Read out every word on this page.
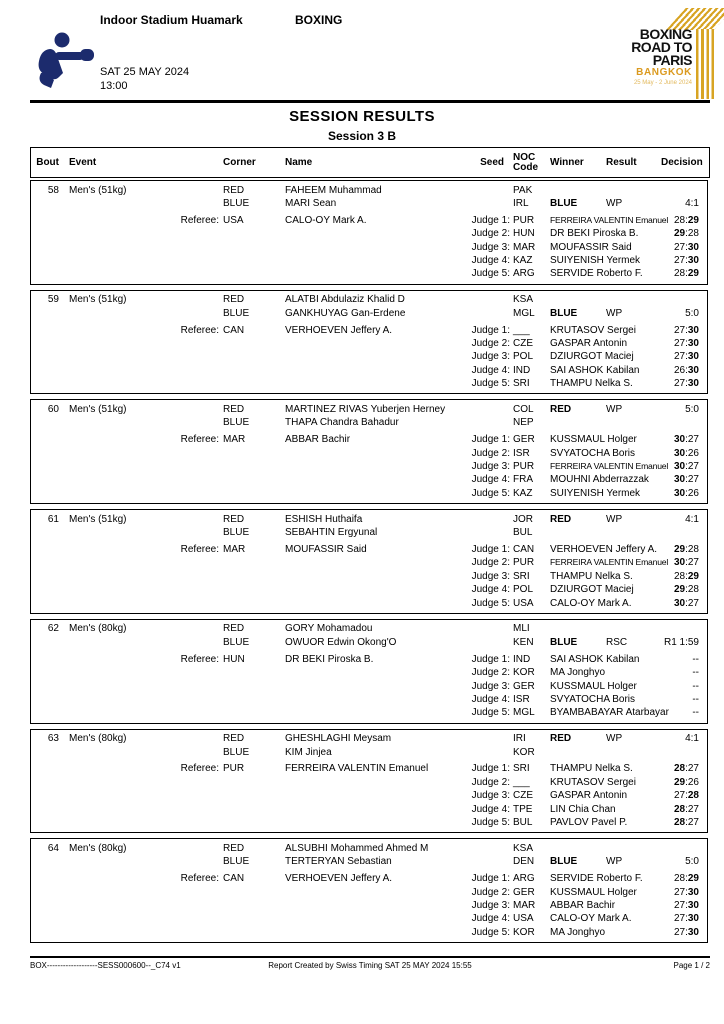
Indoor Stadium Huamark	BOXING
SAT 25 MAY 2024
13:00
BOXING
ROAD TO
PARIS
BANGKOK
25 May - 2 June 2024
SESSION RESULTS
Session 3 B
Bout	Event	Corner	Name	Seed NOC
Code	Winner	Result Decision
58	Men's (51kg)	RED	FAHEEM Muhammad	PAK
BLUE	MARI Sean	IRL	BLUE	WP	4:1
Referee: USA	CALO-OY Mark A.	Judge 1: PUR	FERREIRA VALENTIN Emanuel 28:29
Judge 2: HUN	DR BEKI Piroska B.	29:28
Judge 3: MAR	MOUFASSIR Said	27:30
Judge 4: KAZ	SUIYENISH Yermek	27:30
Judge 5: ARG	SERVIDE Roberto F.	28:29
59	Men's (51kg)	RED	ALATBI Abdulaziz Khalid D	KSA
BLUE	GANKHUYAG Gan-Erdene	MGL	BLUE	WP	5:0
Referee: CAN	VERHOEVEN Jeffery A.	Judge 1: ___	KRUTASOV Sergei	27:30
Judge 2: CZE	GASPAR Antonin	27:30
Judge 3: POL	DZIURGOT Maciej	27:30
Judge 4: IND	SAI ASHOK Kabilan	26:30
Judge 5: SRI	THAMPU Nelka S.	27:30
60	Men's (51kg)	RED	MARTINEZ RIVAS Yuberjen Herney	COL	RED	WP	5:0
BLUE	THAPA Chandra Bahadur	NEP
Referee: MAR	ABBAR Bachir	Judge 1: GER	KUSSMAUL Holger	30:27
Judge 2: ISR	SVYATOCHA Boris	30:26
Judge 3: PUR	FERREIRA VALENTIN Emanuel 30:27
Judge 4: FRA	MOUHNI Abderrazzak	30:27
Judge 5: KAZ	SUIYENISH Yermek	30:26
61	Men's (51kg)	RED	ESHISH Huthaifa	JOR	RED	WP	4:1
BLUE	SEBAHTIN Ergyunal	BUL
Referee: MAR	MOUFASSIR Said	Judge 1: CAN	VERHOEVEN Jeffery A.	29:28
Judge 2: PUR	FERREIRA VALENTIN Emanuel 30:27
Judge 3: SRI	THAMPU Nelka S.	28:29
Judge 4: POL	DZIURGOT Maciej	29:28
Judge 5: USA	CALO-OY Mark A.	30:27
62	Men's (80kg)	RED	GORY Mohamadou	MLI
BLUE	OWUOR Edwin Okong'O	KEN	BLUE	RSC	R1 1:59
Referee: HUN	DR BEKI Piroska B.	Judge 1: IND	SAI ASHOK Kabilan	--
Judge 2: KOR	MA Jonghyo	--
Judge 3: GER	KUSSMAUL Holger	--
Judge 4: ISR	SVYATOCHA Boris	--
Judge 5: MGL	BYAMBABAYAR Atarbayar	--
63	Men's (80kg)	RED	GHESHLAGHI Meysam	IRI	RED	WP	4:1
BLUE	KIM Jinjea	KOR
Referee: PUR	FERREIRA VALENTIN Emanuel	Judge 1: SRI	THAMPU Nelka S.	28:27
Judge 2: ___	KRUTASOV Sergei	29:26
Judge 3: CZE	GASPAR Antonin	27:28
Judge 4: TPE	LIN Chia Chan	28:27
Judge 5: BUL	PAVLOV Pavel P.	28:27
64	Men's (80kg)	RED	ALSUBHI Mohammed Ahmed M	KSA
BLUE	TERTERYAN Sebastian	DEN	BLUE	WP	5:0
Referee: CAN	VERHOEVEN Jeffery A.	Judge 1: ARG	SERVIDE Roberto F.	28:29
Judge 2: GER	KUSSMAUL Holger	27:30
Judge 3: MAR	ABBAR Bachir	27:30
Judge 4: USA	CALO-OY Mark A.	27:30
Judge 5: KOR	MA Jonghyo	27:30
BOX-------------------SESS000600--_C74 v1	Report Created by Swiss Timing SAT 25 MAY 2024 15:55	Page 1 / 2
